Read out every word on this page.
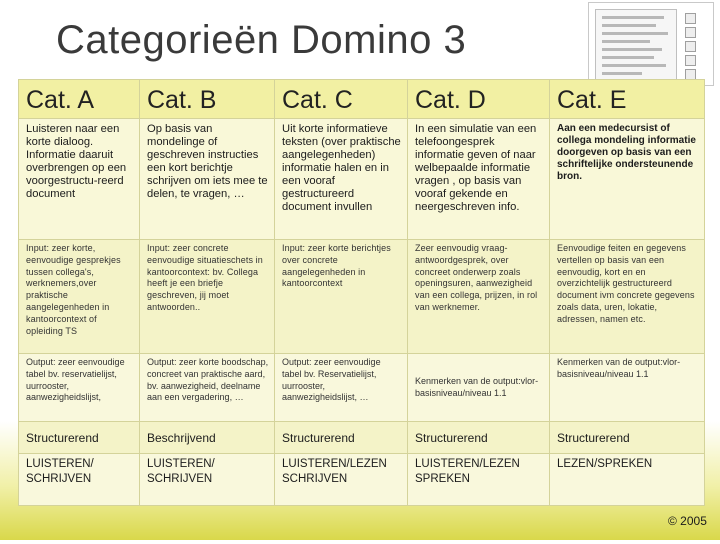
Categorieën Domino 3
Cat. A	Cat. B	Cat. C	Cat. D	Cat. E
Luisteren naar een korte dialoog. Informatie daaruit overbrengen op een voorgestructu-reerd document	Op basis van mondelinge of geschreven instructies een kort berichtje schrijven om iets mee te delen, te vragen, …	Uit korte informatieve teksten (over praktische aangelegenheden) informatie halen en in een vooraf gestructureerd document invullen	In een simulatie van een telefoongesprek informatie geven of naar welbepaalde informatie vragen , op basis van vooraf gekende en neergeschreven info.	Aan een medecursist of collega mondeling informatie doorgeven op basis van een schriftelijke ondersteunende bron.
Input: zeer korte, eenvoudige gesprekjes tussen collega's, werknemers,over praktische aangelegenheden in kantoorcontext of opleiding TS	Input: zeer concrete eenvoudige situatieschets in kantoorcontext: bv. Collega heeft je een briefje geschreven, jij moet antwoorden..	Input: zeer korte berichtjes over concrete aangelegenheden in kantoorcontext	Zeer eenvoudig vraag-antwoordgesprek, over concreet onderwerp zoals openingsuren, aanwezigheid van een collega, prijzen, in rol van werknemer.	Eenvoudige feiten en gegevens vertellen op basis van een eenvoudig, kort en en overzichtelijk gestructureerd document ivm concrete gegevens zoals data, uren, lokatie, adressen, namen etc.
Output: zeer eenvoudige tabel bv. reservatielijst, uurrooster, aanwezigheidslijst,	Output: zeer korte boodschap, concreet van praktische aard, bv. aanwezigheid, deelname aan een vergadering, …	Output: zeer eenvoudige tabel bv. Reservatielijst, uurrooster, aanwezigheidslijst, …	Kenmerken van de output:vlor-basisniveau/niveau 1.1	Kenmerken van de output:vlor-basisniveau/niveau 1.1
Structurerend	Beschrijvend	Structurerend	Structurerend	Structurerend
LUISTEREN/ SCHRIJVEN	LUISTEREN/ SCHRIJVEN	LUISTEREN/LEZEN SCHRIJVEN	LUISTEREN/LEZEN SPREKEN	LEZEN/SPREKEN
© 2005
